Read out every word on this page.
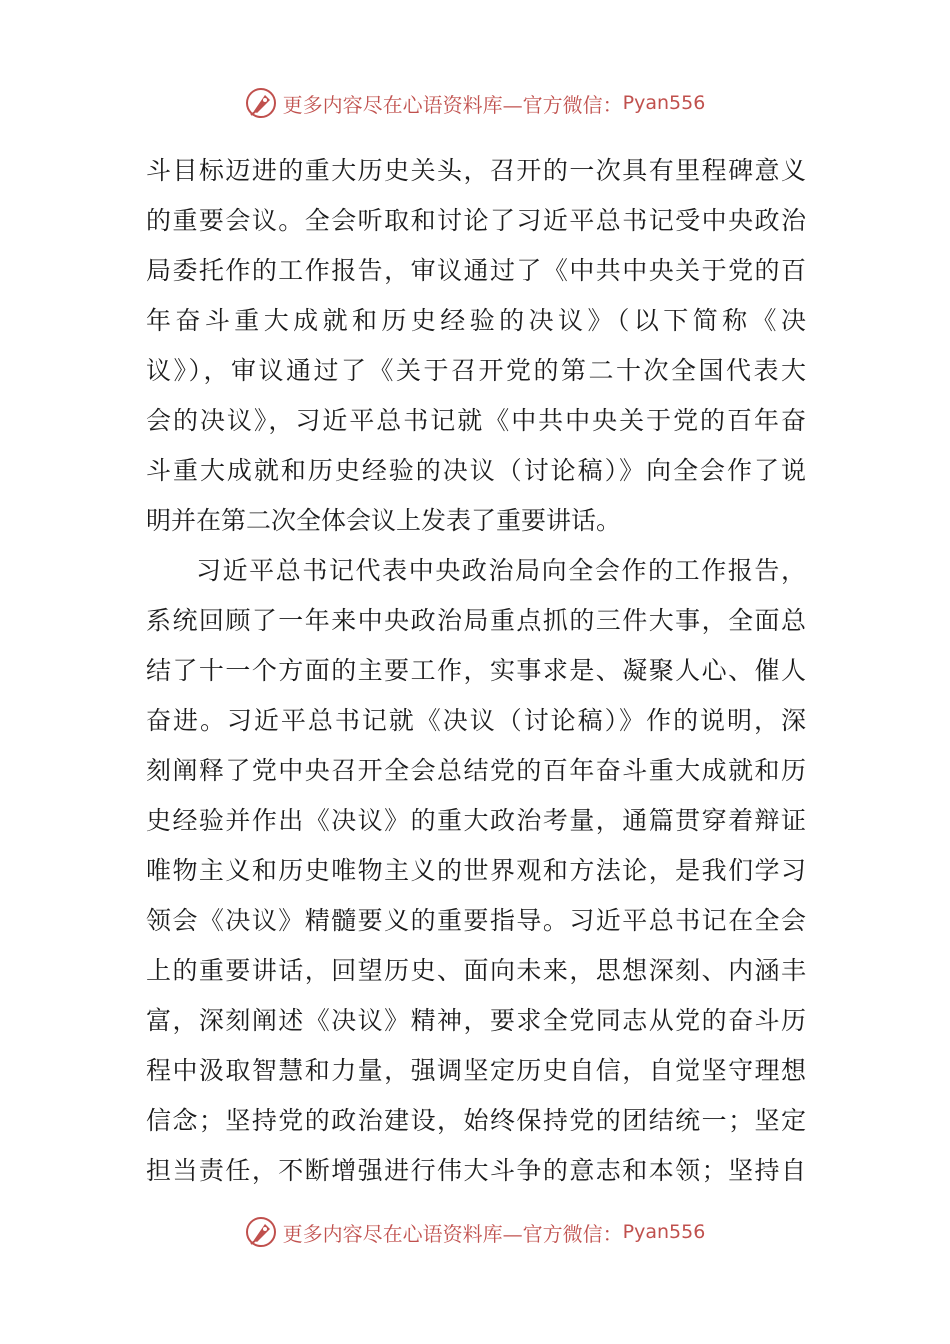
更多内容尽在心语资料库—官方微信： Pyan556
斗目标迈进的重大历史关头，召开的一次具有里程碑意义
的重要会议。全会听取和讨论了习近平总书记受中央政治
局委托作的工作报告，审议通过了《中共中央关于党的百
年奋斗重大成就和历史经验的决议》（以下简称《决
议》），审议通过了《关于召开党的第二十次全国代表大
会的决议》，习近平总书记就《中共中央关于党的百年奋
斗重大成就和历史经验的决议（讨论稿）》向全会作了说
明并在第二次全体会议上发表了重要讲话。
习近平总书记代表中央政治局向全会作的工作报告，
系统回顾了一年来中央政治局重点抓的三件大事，全面总
结了十一个方面的主要工作，实事求是、凝聚人心、催人
奋进。习近平总书记就《决议（讨论稿）》作的说明，深
刻阐释了党中央召开全会总结党的百年奋斗重大成就和历
史经验并作出《决议》的重大政治考量，通篇贯穿着辩证
唯物主义和历史唯物主义的世界观和方法论，是我们学习
领会《决议》精髓要义的重要指导。习近平总书记在全会
上的重要讲话，回望历史、面向未来，思想深刻、内涵丰
富，深刻阐述《决议》精神，要求全党同志从党的奋斗历
程中汲取智慧和力量，强调坚定历史自信，自觉坚守理想
信念；坚持党的政治建设，始终保持党的团结统一；坚定
担当责任，不断增强进行伟大斗争的意志和本领；坚持自
更多内容尽在心语资料库—官方微信： Pyan556
